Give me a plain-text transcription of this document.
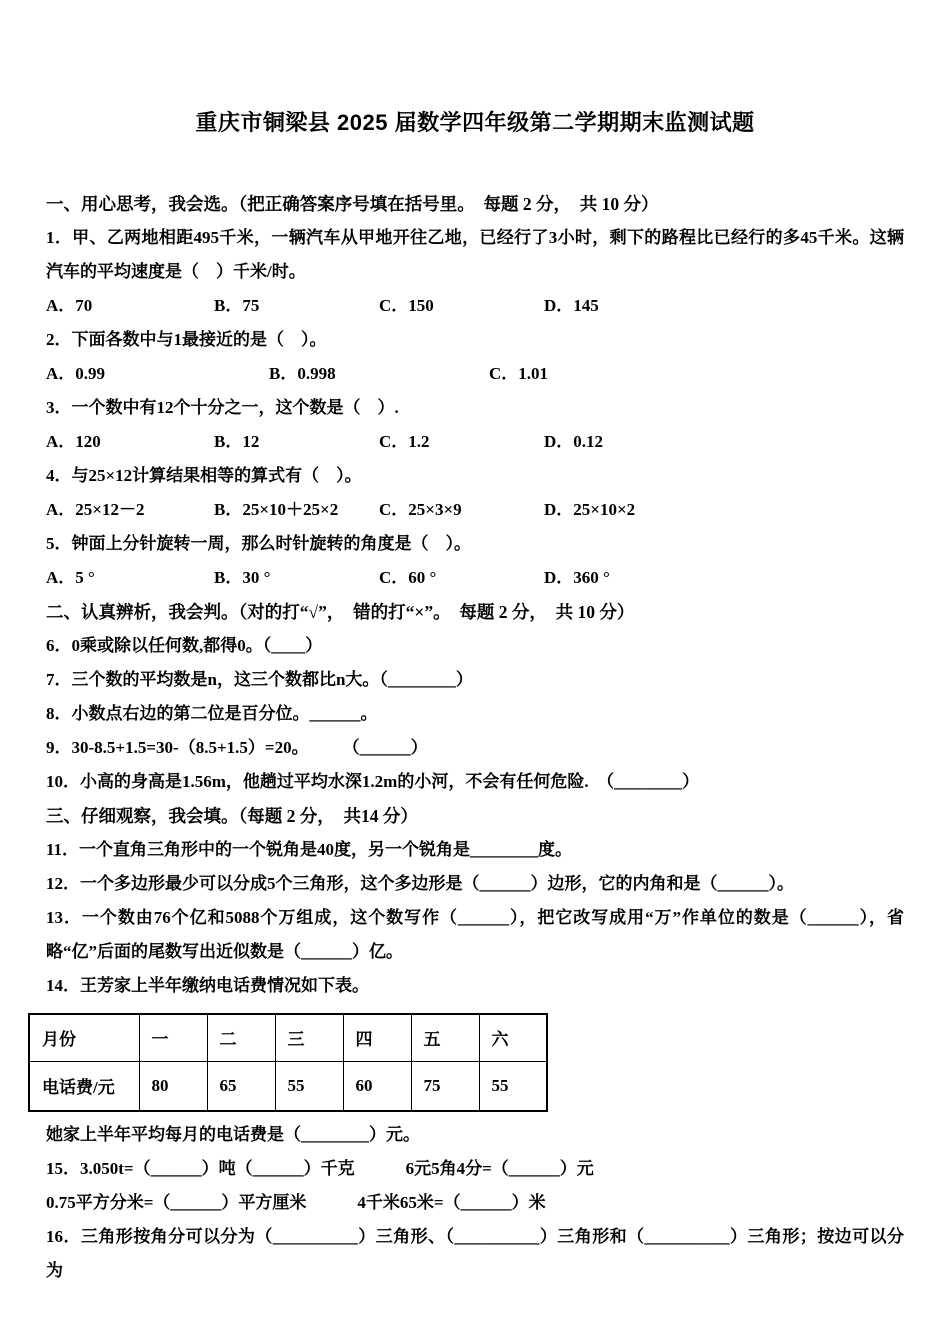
重庆市铜梁县 2025 届数学四年级第二学期期末监测试题

一、用心思考，我会选。（把正确答案序号填在括号里。　每题 2 分，　共 10 分）

1．甲、乙两地相距495千米，一辆汽车从甲地开往乙地，已经行了3小时，剩下的路程比已经行的多45千米。这辆汽车的平均速度是（　）千米/时。

A．70	B．75	C．150	D．145

2．下面各数中与1最接近的是（　）。

A．0.99	B．0.998	C．1.01

3．一个数中有12个十分之一，这个数是（　）.

A．120	B．12	C．1.2	D．0.12

4．与25×12计算结果相等的算式有（　）。

A．25×12－2	B．25×10＋25×2	C．25×3×9	D．25×10×2

5．钟面上分针旋转一周，那么时针旋转的角度是（　）。

A．5 °	B．30 °	C．60 °	D．360 °

二、认真辨析，我会判。（对的打“√”，　错的打“×”。　每题 2 分，　共 10 分）

6．0乘或除以任何数,都得0。（____）

7．三个数的平均数是n，这三个数都比n大。（________）

8．小数点右边的第二位是百分位。______。

9．30-8.5+1.5=30-（8.5+1.5）=20。　　　（______）

10．小高的身高是1.56m，他趟过平均水深1.2m的小河，不会有任何危险.　（________）

三、仔细观察，我会填。（每题 2 分，　共14 分）

11．一个直角三角形中的一个锐角是40度，另一个锐角是________度。

12．一个多边形最少可以分成5个三角形，这个多边形是（______）边形，它的内角和是（______）。

13．一个数由76个亿和5088个万组成，这个数写作（______），把它改写成用“万”作单位的数是（______），省略“亿”后面的尾数写出近似数是（______）亿。

14．王芳家上半年缴纳电话费情况如下表。

月份	一	二	三	四	五	六
电话费/元	80	65	55	60	75	55

她家上半年平均每月的电话费是（________）元。

15．3.050t=（______）吨（______）千克　　　6元5角4分=（______）元

0.75平方分米=（______）平方厘米　　　4千米65米=（______）米

16．三角形按角分可以分为（__________）三角形、（__________）三角形和（__________）三角形；按边可以分为
